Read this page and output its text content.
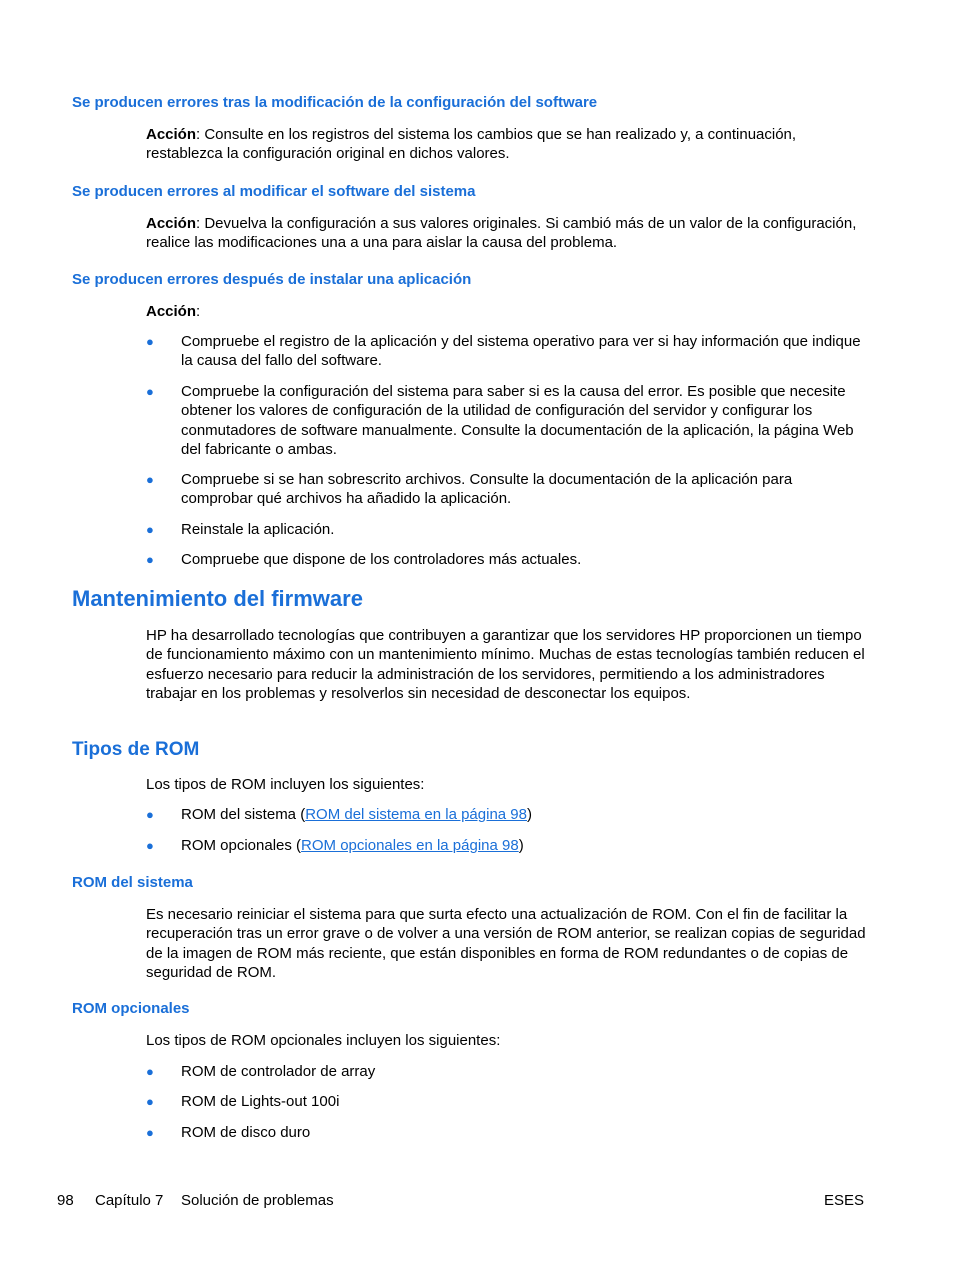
Se producen errores tras la modificación de la configuración del software
Acción: Consulte en los registros del sistema los cambios que se han realizado y, a continuación, restablezca la configuración original en dichos valores.
Se producen errores al modificar el software del sistema
Acción: Devuelva la configuración a sus valores originales. Si cambió más de un valor de la configuración, realice las modificaciones una a una para aislar la causa del problema.
Se producen errores después de instalar una aplicación
Acción:
● Compruebe el registro de la aplicación y del sistema operativo para ver si hay información que indique la causa del fallo del software.
● Compruebe la configuración del sistema para saber si es la causa del error. Es posible que necesite obtener los valores de configuración de la utilidad de configuración del servidor y configurar los conmutadores de software manualmente. Consulte la documentación de la aplicación, la página Web del fabricante o ambas.
● Compruebe si se han sobrescrito archivos. Consulte la documentación de la aplicación para comprobar qué archivos ha añadido la aplicación.
● Reinstale la aplicación.
● Compruebe que dispone de los controladores más actuales.
Mantenimiento del firmware
HP ha desarrollado tecnologías que contribuyen a garantizar que los servidores HP proporcionen un tiempo de funcionamiento máximo con un mantenimiento mínimo. Muchas de estas tecnologías también reducen el esfuerzo necesario para reducir la administración de los servidores, permitiendo a los administradores trabajar en los problemas y resolverlos sin necesidad de desconectar los equipos.
Tipos de ROM
Los tipos de ROM incluyen los siguientes:
● ROM del sistema (ROM del sistema en la página 98)
● ROM opcionales (ROM opcionales en la página 98)
ROM del sistema
Es necesario reiniciar el sistema para que surta efecto una actualización de ROM. Con el fin de facilitar la recuperación tras un error grave o de volver a una versión de ROM anterior, se realizan copias de seguridad de la imagen de ROM más reciente, que están disponibles en forma de ROM redundantes o de copias de seguridad de ROM.
ROM opcionales
Los tipos de ROM opcionales incluyen los siguientes:
● ROM de controlador de array
● ROM de Lights-out 100i
● ROM de disco duro
98 Capítulo 7 Solución de problemas	ESES
